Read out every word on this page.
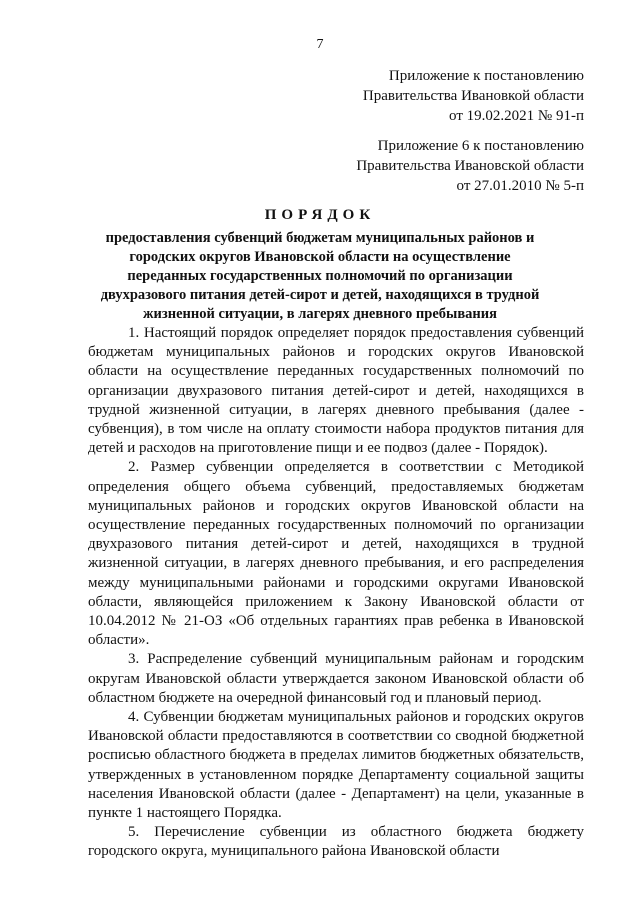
7
Приложение к постановлению
Правительства Ивановкой области
от 19.02.2021 № 91-п
Приложение 6 к постановлению
Правительства Ивановской области
от 27.01.2010 № 5-п
ПОРЯДОК
предоставления субвенций бюджетам муниципальных районов и городских округов Ивановской области на осуществление переданных государственных полномочий по организации двухразового питания детей-сирот и детей, находящихся в трудной жизненной ситуации, в лагерях дневного пребывания

1. Настоящий порядок определяет порядок предоставления субвенций бюджетам муниципальных районов и городских округов Ивановской области на осуществление переданных государственных полномочий по организации двухразового питания детей-сирот и детей, находящихся в трудной жизненной ситуации, в лагерях дневного пребывания (далее - субвенция), в том числе на оплату стоимости набора продуктов питания для детей и расходов на приготовление пищи и ее подвоз (далее - Порядок).

2. Размер субвенции определяется в соответствии с Методикой определения общего объема субвенций, предоставляемых бюджетам муниципальных районов и городских округов Ивановской области на осуществление переданных государственных полномочий по организации двухразового питания детей-сирот и детей, находящихся в трудной жизненной ситуации, в лагерях дневного пребывания, и его распределения между муниципальными районами и городскими округами Ивановской области, являющейся приложением к Закону Ивановской области от 10.04.2012 № 21-ОЗ «Об отдельных гарантиях прав ребенка в Ивановской области».

3. Распределение субвенций муниципальным районам и городским округам Ивановской области утверждается законом Ивановской области об областном бюджете на очередной финансовый год и плановый период.

4. Субвенции бюджетам муниципальных районов и городских округов Ивановской области предоставляются в соответствии со сводной бюджетной росписью областного бюджета в пределах лимитов бюджетных обязательств, утвержденных в установленном порядке Департаменту социальной защиты населения Ивановской области (далее - Департамент) на цели, указанные в пункте 1 настоящего Порядка.

5. Перечисление субвенции из областного бюджета бюджету городского округа, муниципального района Ивановской области
